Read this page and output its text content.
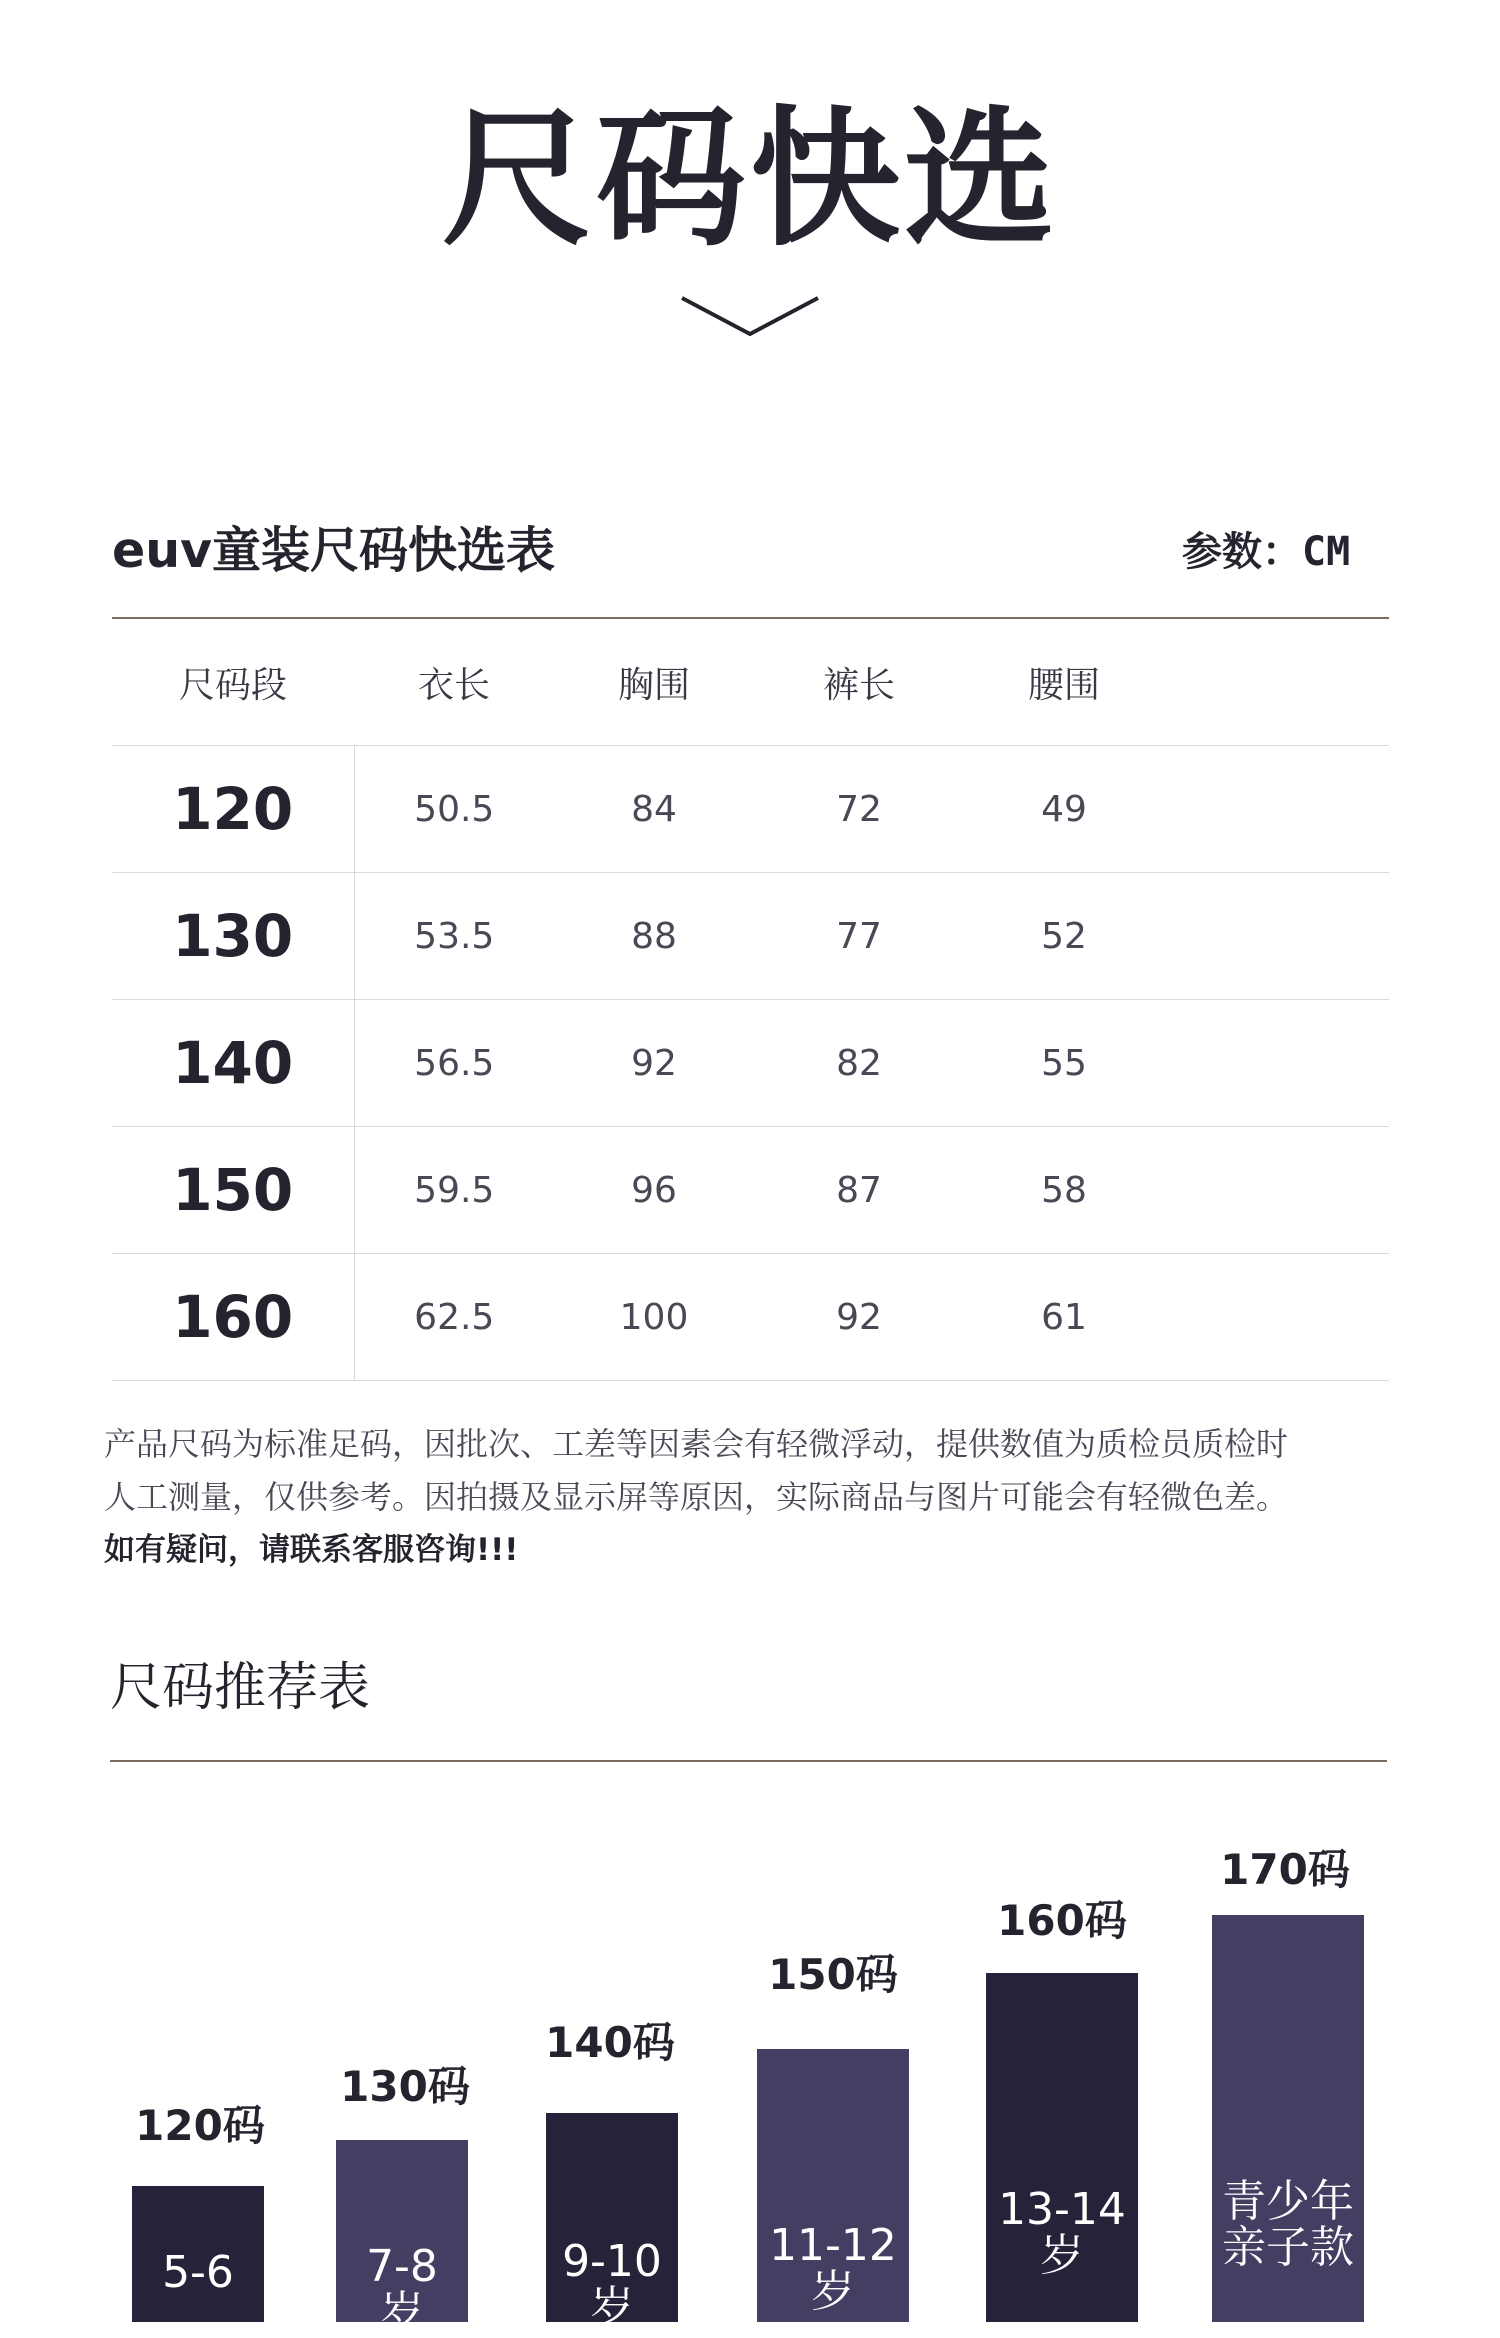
尺码快选
euv童装尺码快选表	参数：CM
尺码段	衣长	胸围	裤长	腰围	
120	50.5	84	72	49	
130	53.5	88	77	52	
140	56.5	92	82	55	
150	59.5	96	87	58	
160	62.5	100	92	61	
产品尺码为标准足码，因批次、工差等因素会有轻微浮动，提供数值为质检员质检时
人工测量，仅供参考。因拍摄及显示屏等原因，实际商品与图片可能会有轻微色差。
如有疑问，请联系客服咨询!!!
尺码推荐表
120码
5-6
130码
7-8
岁
140码
9-10
岁
150码
11-12
岁
160码
13-14
岁
170码
青少年
亲子款
